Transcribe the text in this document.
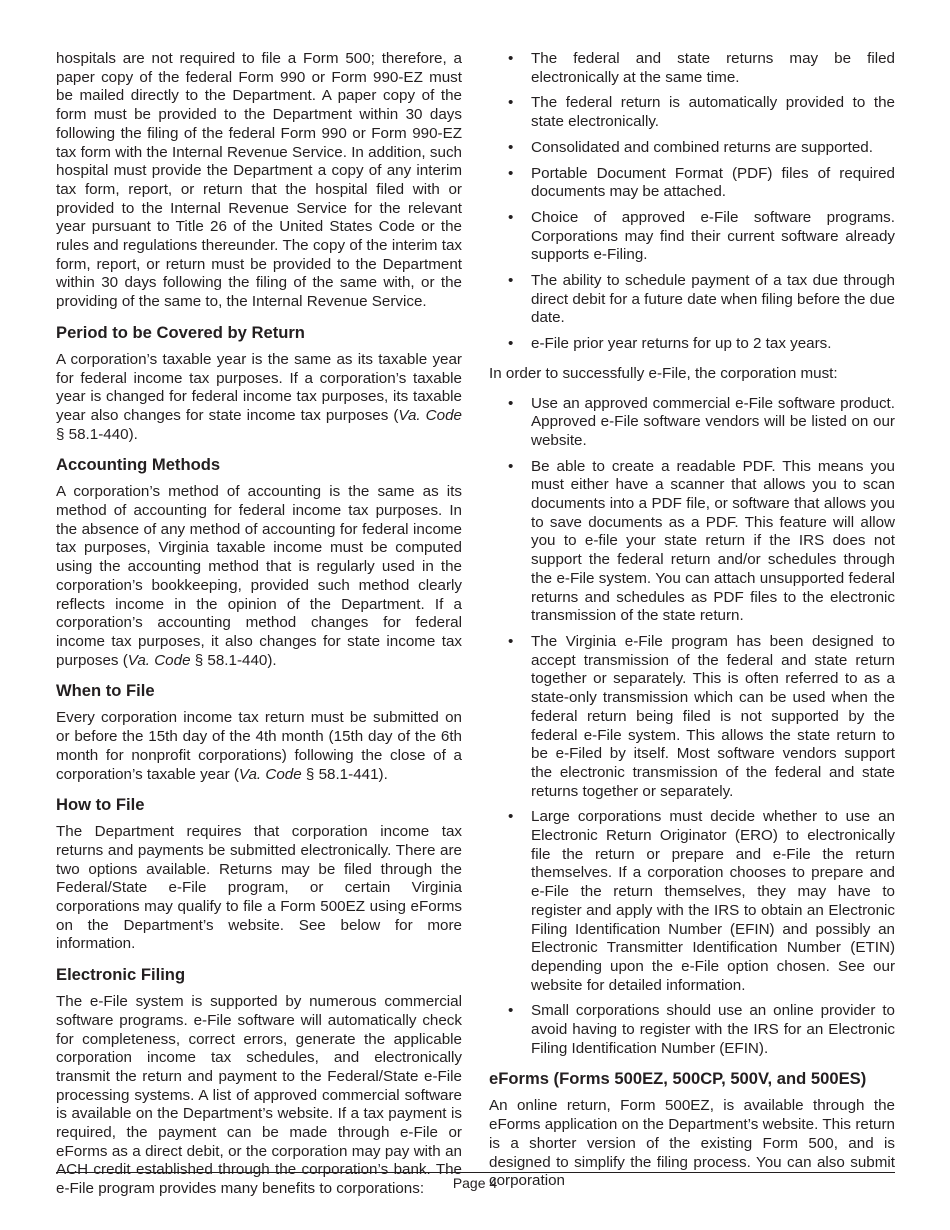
hospitals are not required to file a Form 500; therefore, a paper copy of the federal Form 990 or Form 990-EZ must be mailed directly to the Department. A paper copy of the form must be provided to the Department within 30 days following the filing of the federal Form 990 or Form 990-EZ tax form with the Internal Revenue Service. In addition, such hospital must provide the Department a copy of any interim tax form, report, or return that the hospital filed with or provided to the Internal Revenue Service for the relevant year pursuant to Title 26 of the United States Code or the rules and regulations thereunder. The copy of the interim tax form, report, or return must be provided to the Department within 30 days following the filing of the same with, or the providing of the same to, the Internal Revenue Service.

Period to be Covered by Return

A corporation’s taxable year is the same as its taxable year for federal income tax purposes. If a corporation’s taxable year is changed for federal income tax purposes, its taxable year also changes for state income tax purposes (Va. Code § 58.1-440).

Accounting Methods

A corporation’s method of accounting is the same as its method of accounting for federal income tax purposes. In the absence of any method of accounting for federal income tax purposes, Virginia taxable income must be computed using the accounting method that is regularly used in the corporation’s bookkeeping, provided such method clearly reflects income in the opinion of the Department. If a corporation’s accounting method changes for federal income tax purposes, it also changes for state income tax purposes (Va. Code § 58.1-440).

When to File

Every corporation income tax return must be submitted on or before the 15th day of the 4th month (15th day of the 6th month for nonprofit corporations) following the close of a corporation’s taxable year (Va. Code § 58.1-441).

How to File

The Department requires that corporation income tax returns and payments be submitted electronically. There are two options available. Returns may be filed through the Federal/State e-File program, or certain Virginia corporations may qualify to file a Form 500EZ using eForms on the Department’s website. See below for more information.

Electronic Filing

The e-File system is supported by numerous commercial software programs. e-File software will automatically check for completeness, correct errors, generate the applicable corporation income tax schedules, and electronically transmit the return and payment to the Federal/State e-File processing systems. A list of approved commercial software is available on the Department’s website. If a tax payment is required, the payment can be made through e-File or eForms as a direct debit, or the corporation may pay with an ACH credit established through the corporation’s bank. The e-File program provides many benefits to corporations:

• The federal and state returns may be filed electronically at the same time.
• The federal return is automatically provided to the state electronically.
• Consolidated and combined returns are supported.
• Portable Document Format (PDF) files of required documents may be attached.
• Choice of approved e-File software programs. Corporations may find their current software already supports e-Filing.
• The ability to schedule payment of a tax due through direct debit for a future date when filing before the due date.
• e-File prior year returns for up to 2 tax years.

In order to successfully e-File, the corporation must:

• Use an approved commercial e-File software product. Approved e-File software vendors will be listed on our website.
• Be able to create a readable PDF. This means you must either have a scanner that allows you to scan documents into a PDF file, or software that allows you to save documents as a PDF. This feature will allow you to e-file your state return if the IRS does not support the federal return and/or schedules through the e-File system. You can attach unsupported federal returns and schedules as PDF files to the electronic transmission of the state return.
• The Virginia e-File program has been designed to accept transmission of the federal and state return together or separately. This is often referred to as a state-only transmission which can be used when the federal return being filed is not supported by the federal e-File system. This allows the state return to be e-Filed by itself. Most software vendors support the electronic transmission of the federal and state returns together or separately.
• Large corporations must decide whether to use an Electronic Return Originator (ERO) to electronically file the return or prepare and e-File the return themselves. If a corporation chooses to prepare and e-File the return themselves, they may have to register and apply with the IRS to obtain an Electronic Filing Identification Number (EFIN) and possibly an Electronic Transmitter Identification Number (ETIN) depending upon the e-File option chosen. See our website for detailed information.
• Small corporations should use an online provider to avoid having to register with the IRS for an Electronic Filing Identification Number (EFIN).
eForms (Forms 500EZ, 500CP, 500V, and 500ES)

An online return, Form 500EZ, is available through the eForms application on the Department’s website. This return is a shorter version of the existing Form 500, and is designed to simplify the filing process. You can also submit corporation

Page 4
